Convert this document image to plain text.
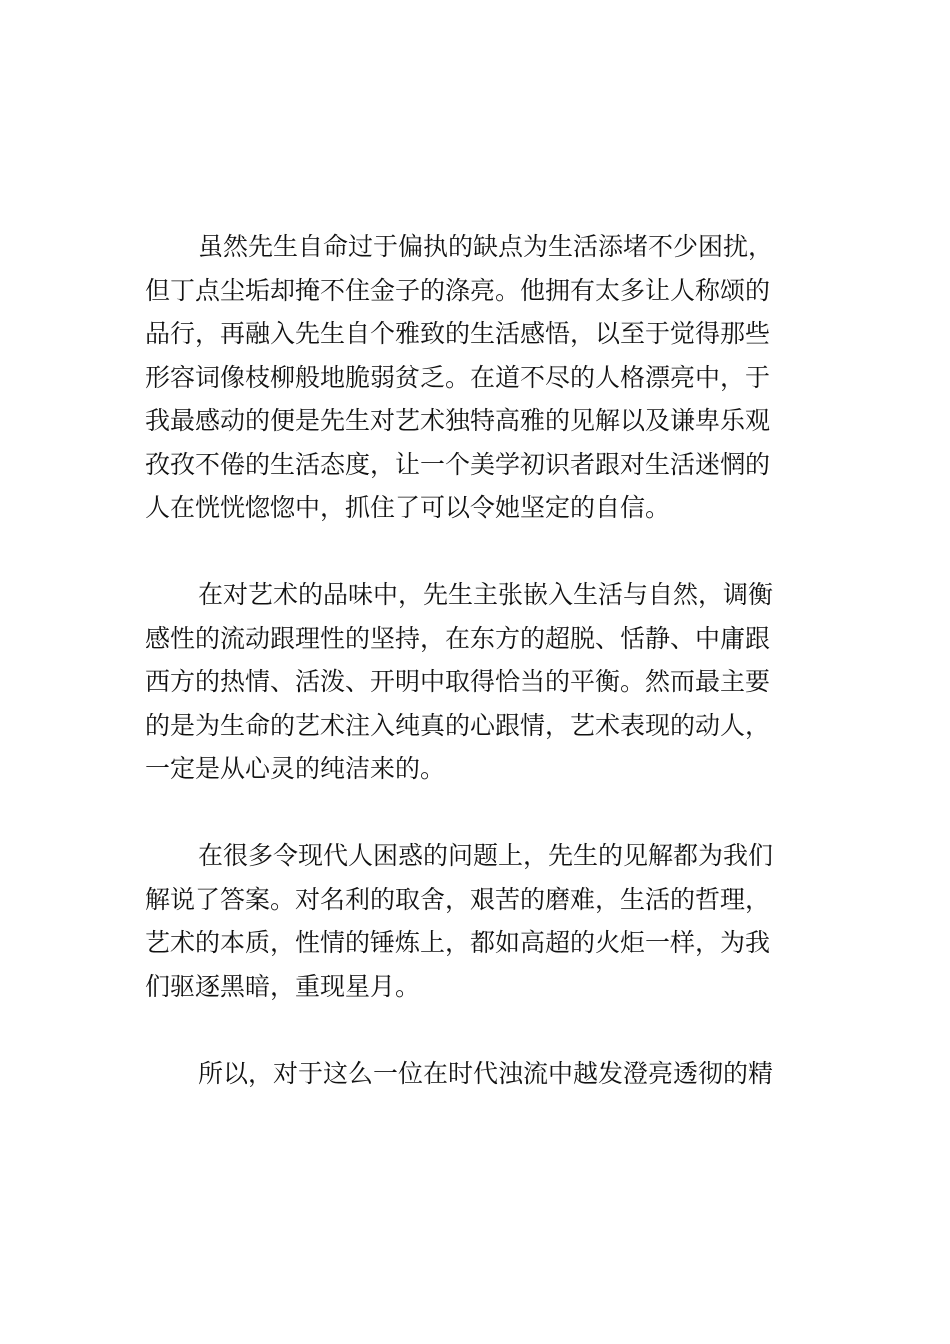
虽然先生自命过于偏执的缺点为生活添堵不少困扰，
但丁点尘垢却掩不住金子的涤亮。他拥有太多让人称颂的
品行，再融入先生自个雅致的生活感悟，以至于觉得那些
形容词像枝柳般地脆弱贫乏。在道不尽的人格漂亮中，于
我最感动的便是先生对艺术独特高雅的见解以及谦卑乐观
孜孜不倦的生活态度，让一个美学初识者跟对生活迷惘的
人在恍恍惚惚中，抓住了可以令她坚定的自信。
在对艺术的品味中，先生主张嵌入生活与自然，调衡
感性的流动跟理性的坚持，在东方的超脱、恬静、中庸跟
西方的热情、活泼、开明中取得恰当的平衡。然而最主要
的是为生命的艺术注入纯真的心跟情，艺术表现的动人，
一定是从心灵的纯洁来的。
在很多令现代人困惑的问题上，先生的见解都为我们
解说了答案。对名利的取舍，艰苦的磨难，生活的哲理，
艺术的本质，性情的锤炼上，都如高超的火炬一样，为我
们驱逐黑暗，重现星月。
所以，对于这么一位在时代浊流中越发澄亮透彻的精
